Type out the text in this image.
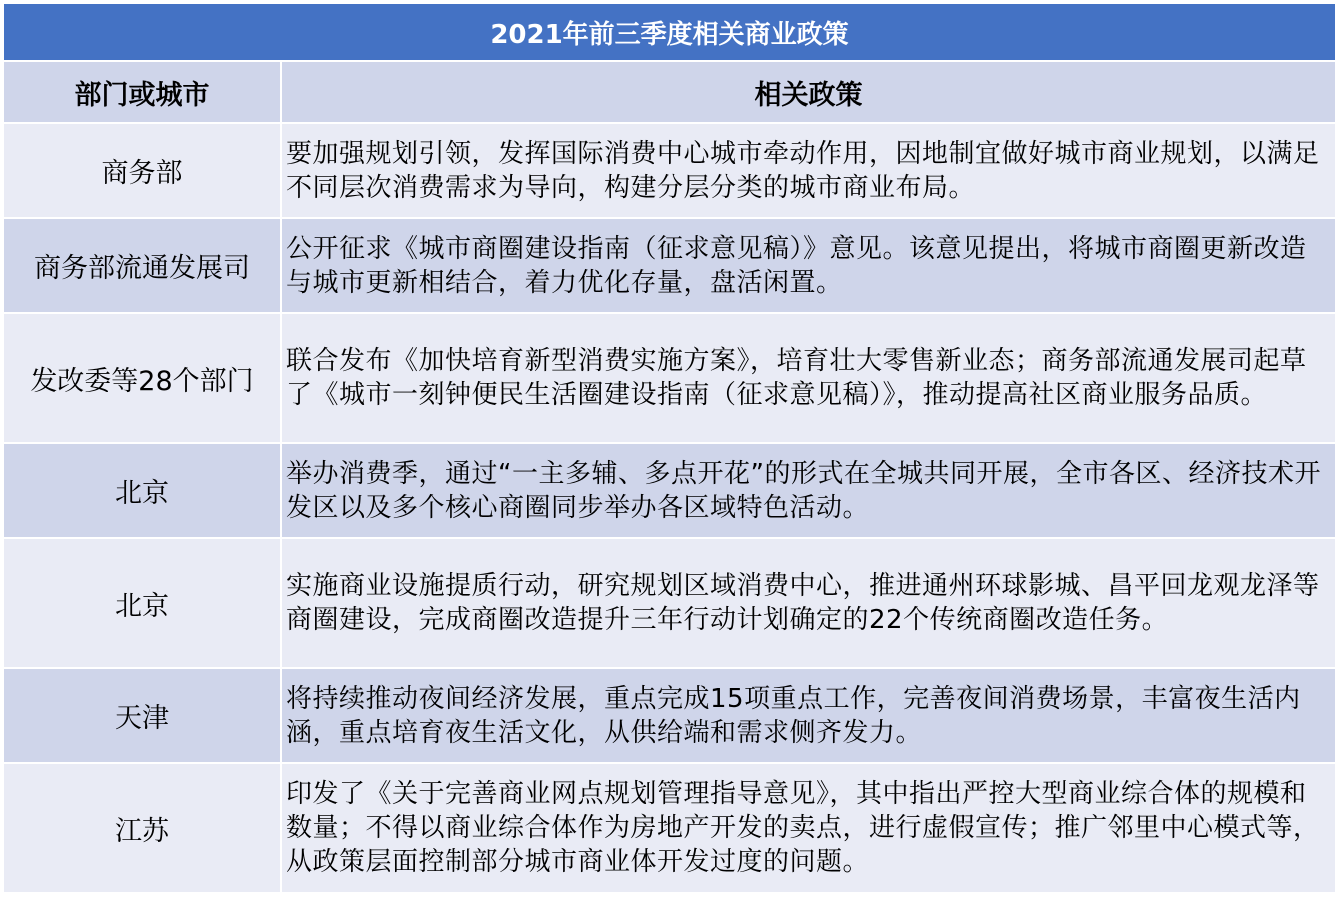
2021年前三季度相关商业政策	
部门或城市	相关政策
商务部	要加强规划引领，发挥国际消费中心城市牵动作用，因地制宜做好城市商业规划，以满足不同层次消费需求为导向，构建分层分类的城市商业布局。
商务部流通发展司	公开征求《城市商圈建设指南（征求意见稿）》意见。该意见提出，将城市商圈更新改造与城市更新相结合，着力优化存量，盘活闲置。
发改委等28个部门	联合发布《加快培育新型消费实施方案》，培育壮大零售新业态；商务部流通发展司起草了《城市一刻钟便民生活圈建设指南（征求意见稿）》，推动提高社区商业服务品质。
北京	举办消费季，通过“一主多辅、多点开花”的形式在全城共同开展，全市各区、经济技术开发区以及多个核心商圈同步举办各区域特色活动。
北京	实施商业设施提质行动，研究规划区域消费中心，推进通州环球影城、昌平回龙观龙泽等商圈建设，完成商圈改造提升三年行动计划确定的22个传统商圈改造任务。
天津	将持续推动夜间经济发展，重点完成15项重点工作，完善夜间消费场景，丰富夜生活内涵，重点培育夜生活文化，从供给端和需求侧齐发力。
江苏	印发了《关于完善商业网点规划管理指导意见》，其中指出严控大型商业综合体的规模和数量；不得以商业综合体作为房地产开发的卖点，进行虚假宣传；推广邻里中心模式等，从政策层面控制部分城市商业体开发过度的问题。
